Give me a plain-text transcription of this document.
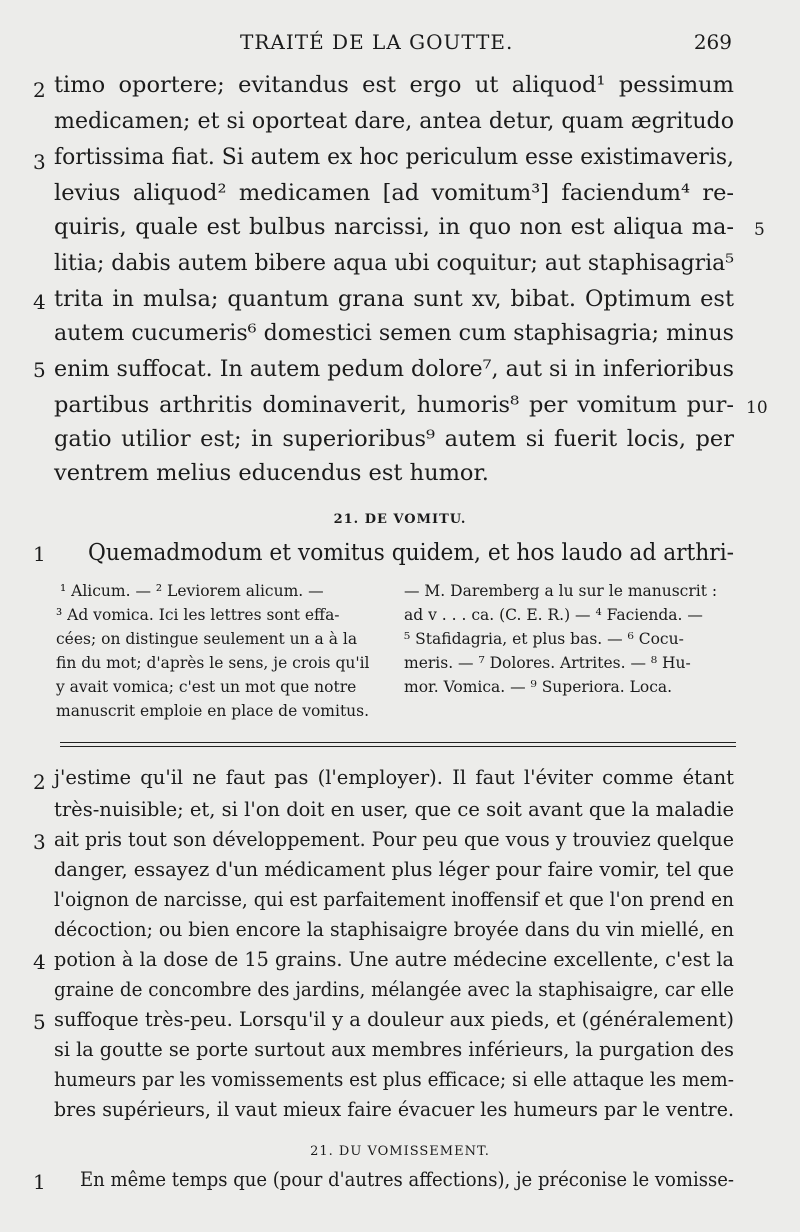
TRAITÉ DE LA GOUTTE.	269
timo oportere; evitandus est ergo ut aliquod¹ pessimum
medicamen; et si oporteat dare, antea detur, quam ægritudo
fortissima fiat. Si autem ex hoc periculum esse existimaveris,
levius aliquod² medicamen [ad vomitum³] faciendum⁴ re-
quiris, quale est bulbus narcissi, in quo non est aliqua ma-
litia; dabis autem bibere aqua ubi coquitur; aut staphisagria⁵
trita in mulsa; quantum grana sunt xv, bibat. Optimum est
autem cucumeris⁶ domestici semen cum staphisagria; minus
enim suffocat. In autem pedum dolore⁷, aut si in inferioribus
partibus arthritis dominaverit, humoris⁸ per vomitum pur-
gatio utilior est; in superioribus⁹ autem si fuerit locis, per
ventrem melius educendus est humor.
2
3
4
5
5
10
21. DE VOMITU.
1 Quemadmodum et vomitus quidem, et hos laudo ad arthri-
¹ Alicum. — ² Leviorem alicum. —
³ Ad vomica. Ici les lettres sont effa-
cées; on distingue seulement un a à la
fin du mot; d'après le sens, je crois qu'il
y avait vomica; c'est un mot que notre
manuscrit emploie en place de vomitus.
— M. Daremberg a lu sur le manuscrit :
ad v . . . ca. (C. E. R.) — ⁴ Facienda. —
⁵ Stafidagria, et plus bas. — ⁶ Cocu-
meris. — ⁷ Dolores. Artrites. — ⁸ Hu-
mor. Vomica. — ⁹ Superiora. Loca.
j'estime qu'il ne faut pas (l'employer). Il faut l'éviter comme étant
très-nuisible; et, si l'on doit en user, que ce soit avant que la maladie
ait pris tout son développement. Pour peu que vous y trouviez quelque
danger, essayez d'un médicament plus léger pour faire vomir, tel que
l'oignon de narcisse, qui est parfaitement inoffensif et que l'on prend en
décoction; ou bien encore la staphisaigre broyée dans du vin miellé, en
potion à la dose de 15 grains. Une autre médecine excellente, c'est la
graine de concombre des jardins, mélangée avec la staphisaigre, car elle
suffoque très-peu. Lorsqu'il y a douleur aux pieds, et (généralement)
si la goutte se porte surtout aux membres inférieurs, la purgation des
humeurs par les vomissements est plus efficace; si elle attaque les mem-
bres supérieurs, il vaut mieux faire évacuer les humeurs par le ventre.
2
3
4
5
21. DU VOMISSEMENT.
1 En même temps que (pour d'autres affections), je préconise le vomisse-
